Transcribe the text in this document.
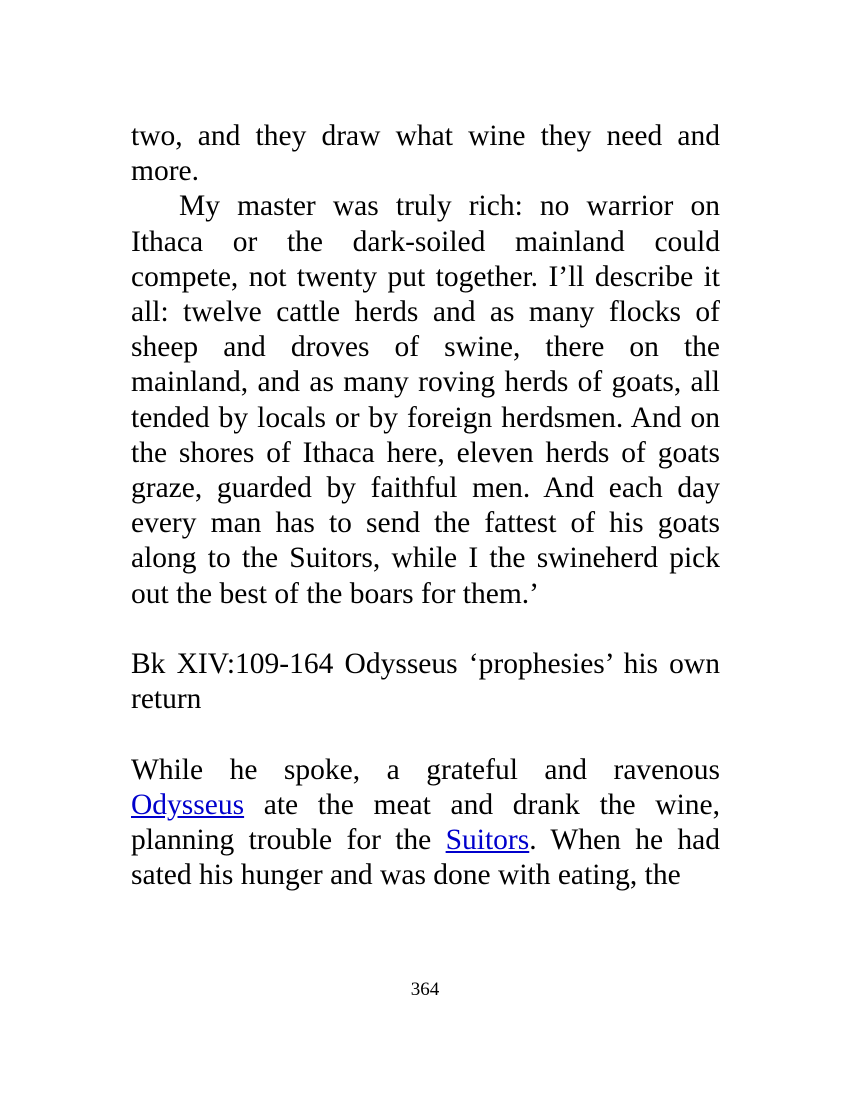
two, and they draw what wine they need and more.

My master was truly rich: no warrior on Ithaca or the dark-soiled mainland could compete, not twenty put together. I’ll describe it all: twelve cattle herds and as many flocks of sheep and droves of swine, there on the mainland, and as many roving herds of goats, all tended by locals or by foreign herdsmen. And on the shores of Ithaca here, eleven herds of goats graze, guarded by faithful men. And each day every man has to send the fattest of his goats along to the Suitors, while I the swineherd pick out the best of the boars for them.’

Bk XIV:109-164 Odysseus ‘prophesies’ his own return

While he spoke, a grateful and ravenous Odysseus ate the meat and drank the wine, planning trouble for the Suitors. When he had sated his hunger and was done with eating, the

364
